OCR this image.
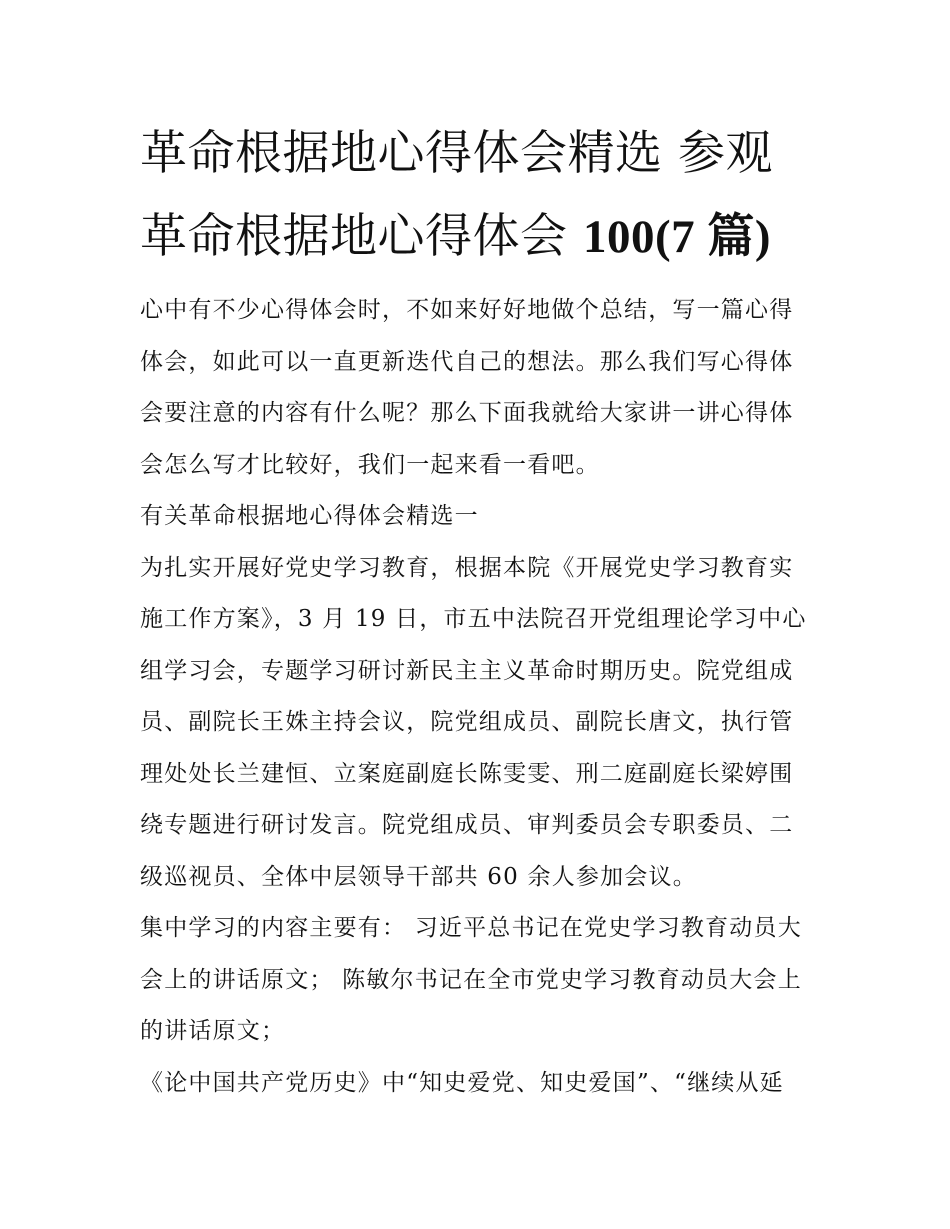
革命根据地心得体会精选 参观
革命根据地心得体会 100(7 篇)

心中有不少心得体会时，不如来好好地做个总结，写一篇心得体会，如此可以一直更新迭代自己的想法。那么我们写心得体会要注意的内容有什么呢？那么下面我就给大家讲一讲心得体会怎么写才比较好，我们一起来看一看吧。

有关革命根据地心得体会精选一

为扎实开展好党史学习教育，根据本院《开展党史学习教育实施工作方案》，3 月 19 日，市五中法院召开党组理论学习中心组学习会，专题学习研讨新民主主义革命时期历史。院党组成员、副院长王姝主持会议，院党组成员、副院长唐文，执行管理处处长兰建恒、立案庭副庭长陈雯雯、刑二庭副庭长梁婷围绕专题进行研讨发言。院党组成员、审判委员会专职委员、二级巡视员、全体中层领导干部共 60 余人参加会议。

集中学习的内容主要有： 习近平总书记在党史学习教育动员大会上的讲话原文； 陈敏尔书记在全市党史学习教育动员大会上的讲话原文；

《论中国共产党历史》中“知史爱党、知史爱国”、“继续从延
